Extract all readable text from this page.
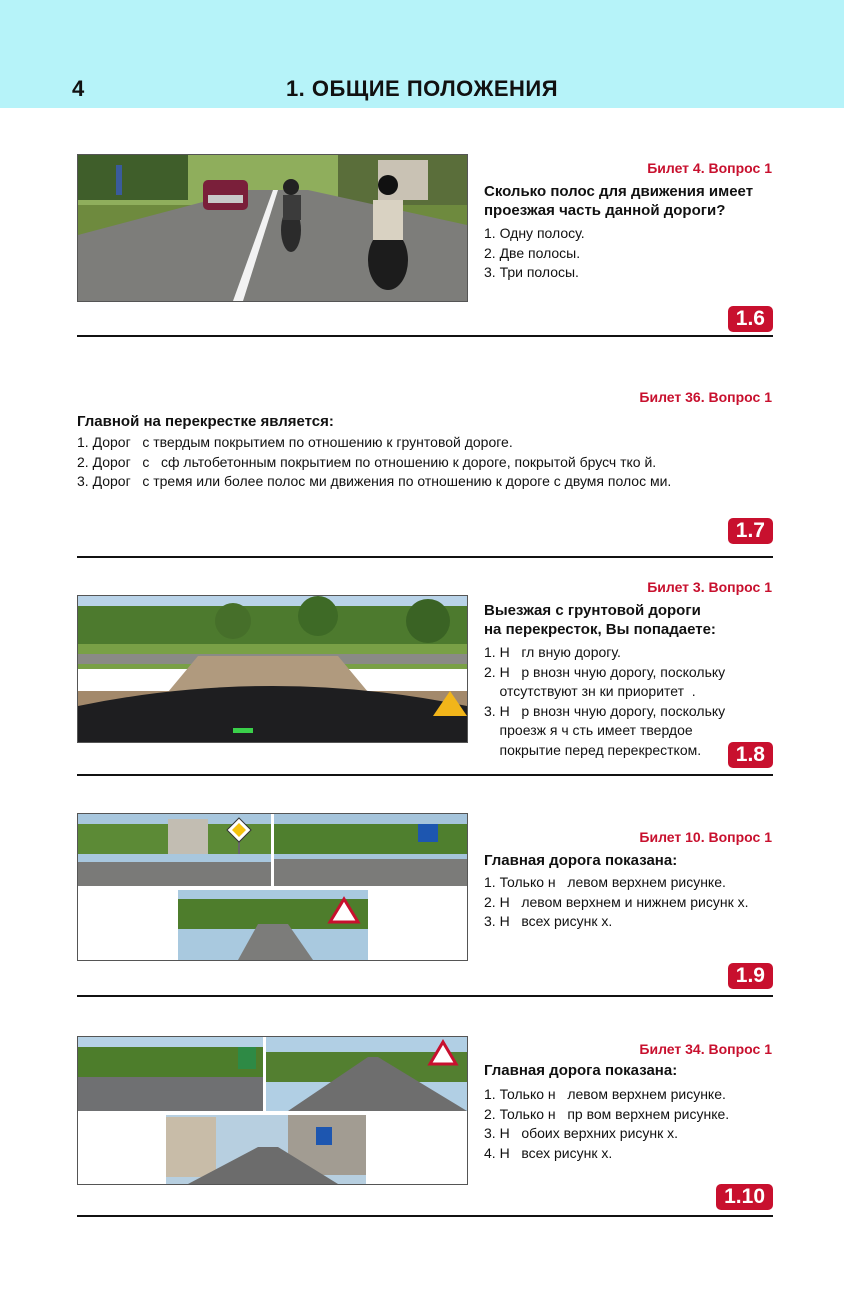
4	1. ОБЩИЕ ПОЛОЖЕНИЯ
Билет 4. Вопрос 1
Сколько полос для движения имеет
проезжая часть данной дороги?
1. Одну полосу.
2. Две полосы.
3. Три полосы.
1.6
Билет 36. Вопрос 1
Главной на перекрестке является:
1. Дорог   с твердым покрытием по отношению к грунтовой дороге.
2. Дорог   с   сф льтобетонным покрытием по отношению к дороге, покрытой брусч тко й.
3. Дорог   с тремя или более полос ми движения по отношению к дороге с двумя полос ми.
1.7
Билет 3. Вопрос 1
Выезжая с грунтовой дороги
на перекресток, Вы попадаете:
1. Н   гл вную дорогу.
2. Н   р внозн чную дорогу, поскольку
отсутствуют зн ки приоритет  .
3. Н   р внозн чную дорогу, поскольку
проезж я ч сть имеет твердое
покрытие перед перекрестком.	1.8
Билет 10. Вопрос 1
Главная дорога показана:
1. Только н   левом верхнем рисунке.
2. Н   левом верхнем и нижнем рисунк х.
3. Н   всех рисунк х.
1.9
Билет 34. Вопрос 1
Главная дорога показана:
1. Только н   левом верхнем рисунке.
2. Только н   пр вом верхнем рисунке.
3. Н   обоих верхних рисунк х.
4. Н   всех рисунк х.
1.10
